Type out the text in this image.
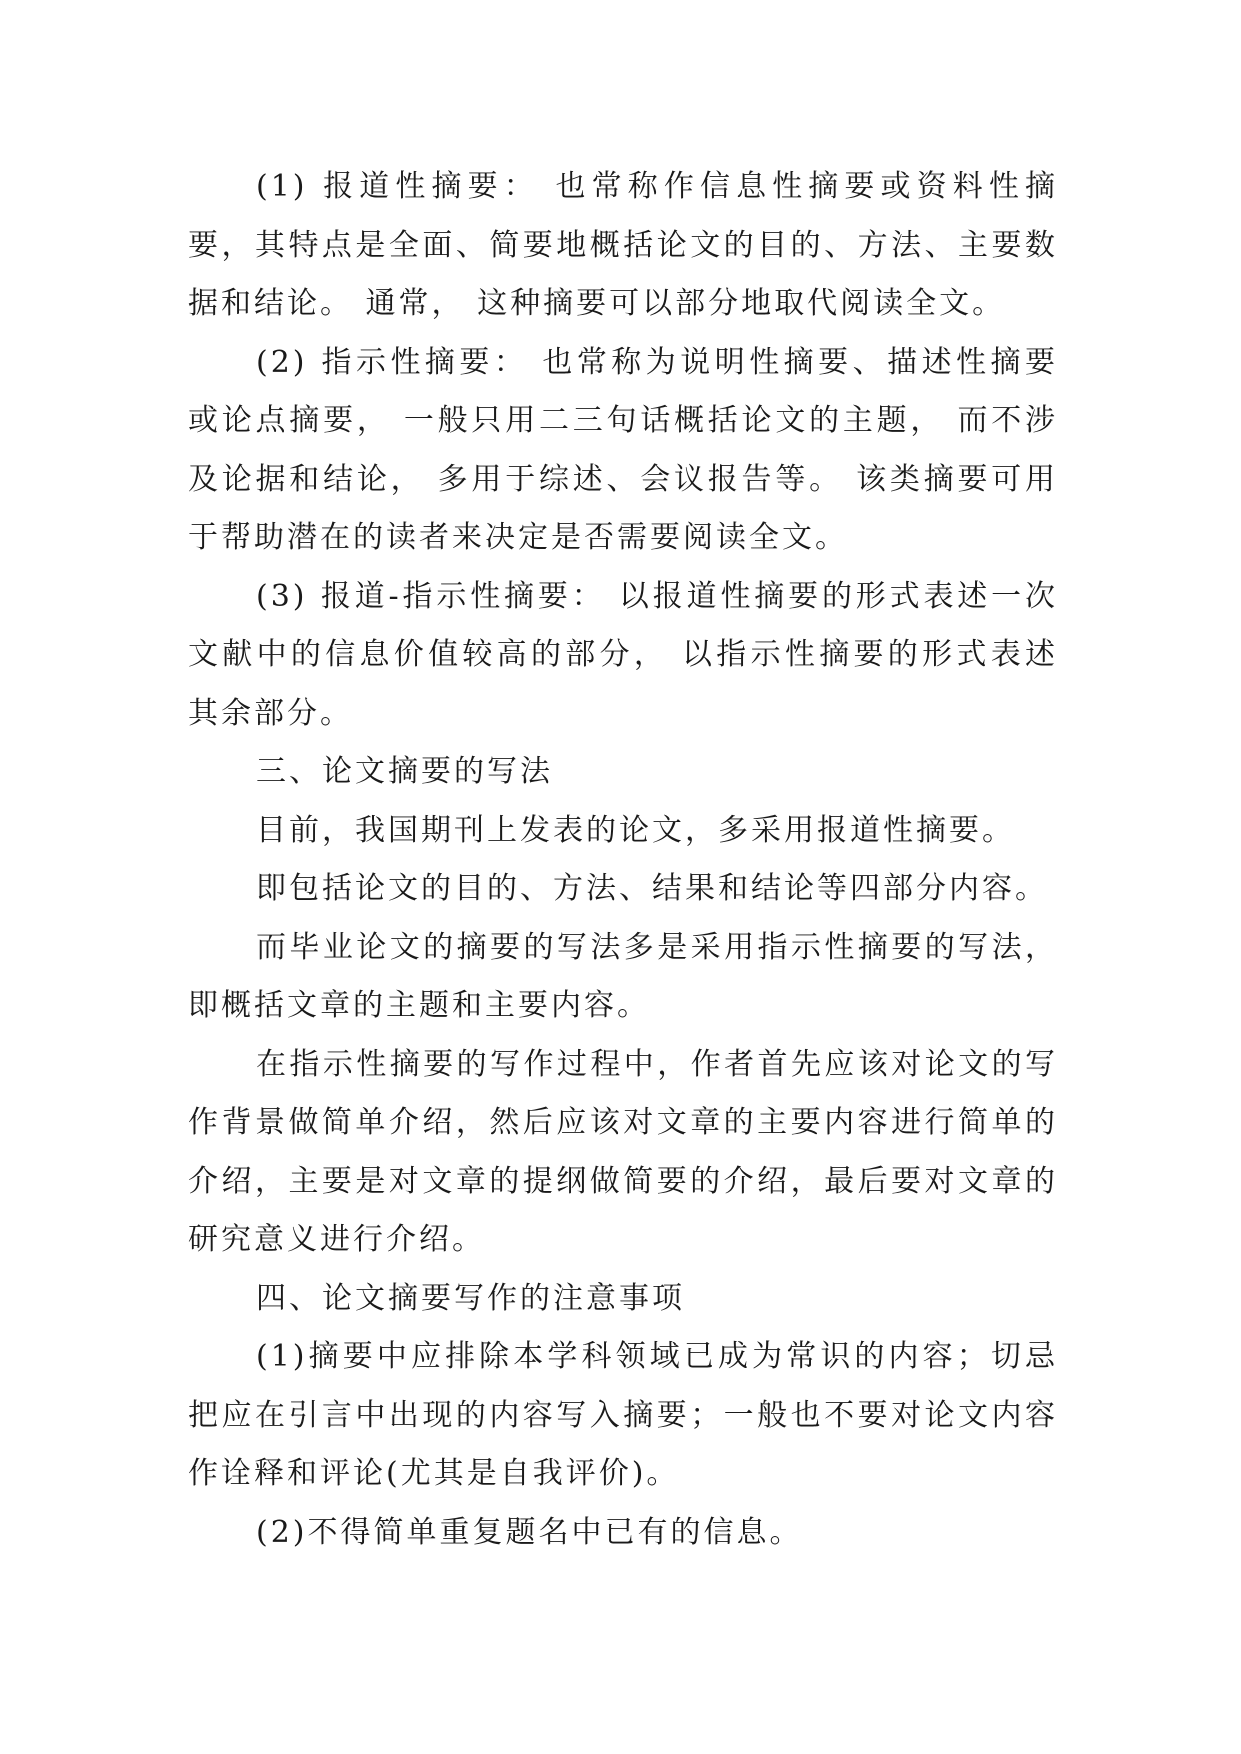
(1) 报道性摘要： 也常称作信息性摘要或资料性摘要，其特点是全面、简要地概括论文的目的、方法、主要数据和结论。 通常， 这种摘要可以部分地取代阅读全文。

(2) 指示性摘要： 也常称为说明性摘要、描述性摘要或论点摘要， 一般只用二三句话概括论文的主题， 而不涉及论据和结论， 多用于综述、会议报告等。 该类摘要可用于帮助潜在的读者来决定是否需要阅读全文。

(3) 报道-指示性摘要： 以报道性摘要的形式表述一次文献中的信息价值较高的部分， 以指示性摘要的形式表述其余部分。

三、论文摘要的写法

目前，我国期刊上发表的论文，多采用报道性摘要。

即包括论文的目的、方法、结果和结论等四部分内容。

而毕业论文的摘要的写法多是采用指示性摘要的写法，即概括文章的主题和主要内容。

在指示性摘要的写作过程中，作者首先应该对论文的写作背景做简单介绍，然后应该对文章的主要内容进行简单的介绍，主要是对文章的提纲做简要的介绍，最后要对文章的研究意义进行介绍。

四、论文摘要写作的注意事项

(1)摘要中应排除本学科领域已成为常识的内容；切忌把应在引言中出现的内容写入摘要；一般也不要对论文内容作诠释和评论(尤其是自我评价)。

(2)不得简单重复题名中已有的信息。
